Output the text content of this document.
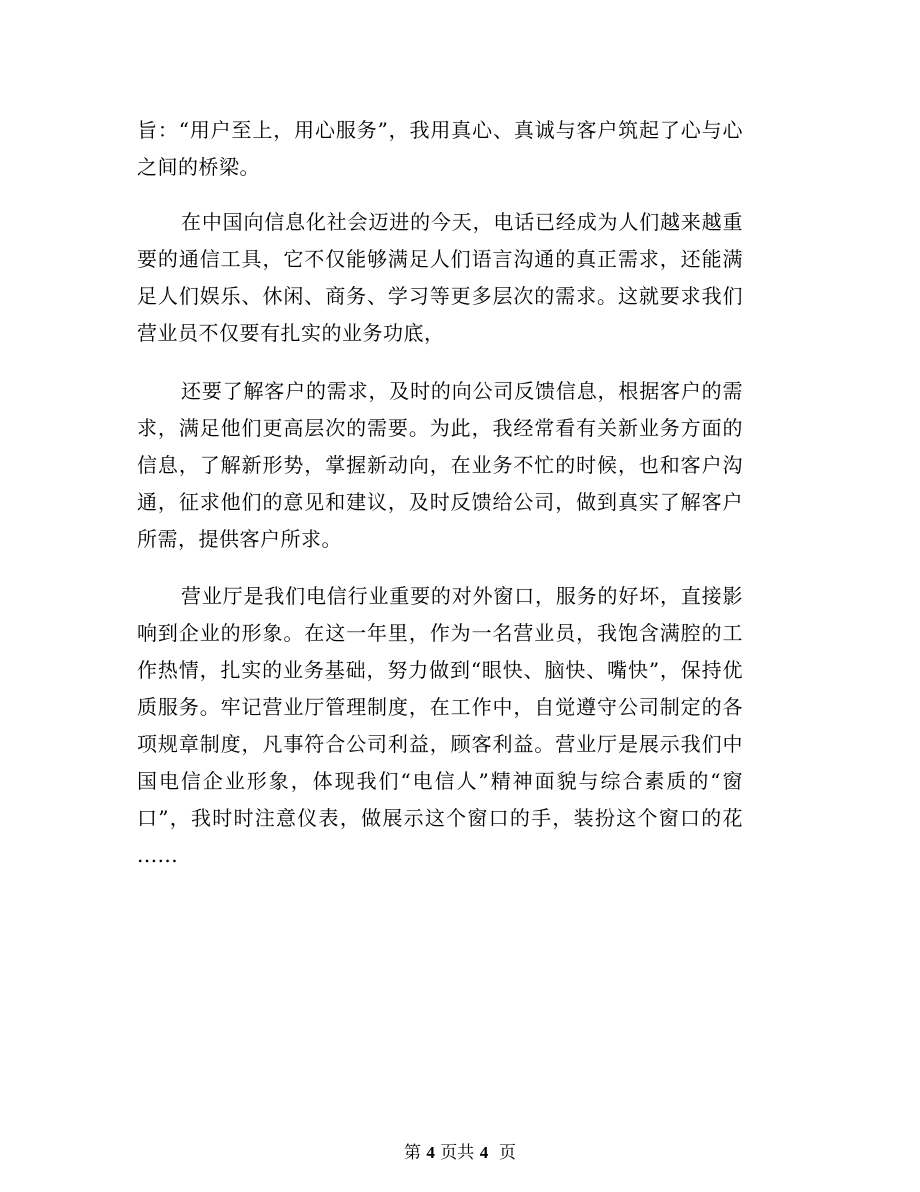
旨：“用户至上，用心服务”，我用真心、真诚与客户筑起了心与心之间的桥梁。

在中国向信息化社会迈进的今天，电话已经成为人们越来越重要的通信工具，它不仅能够满足人们语言沟通的真正需求，还能满足人们娱乐、休闲、商务、学习等更多层次的需求。这就要求我们营业员不仅要有扎实的业务功底，

还要了解客户的需求，及时的向公司反馈信息，根据客户的需求，满足他们更高层次的需要。为此，我经常看有关新业务方面的信息，了解新形势，掌握新动向，在业务不忙的时候，也和客户沟通，征求他们的意见和建议，及时反馈给公司，做到真实了解客户所需，提供客户所求。

营业厅是我们电信行业重要的对外窗口，服务的好坏，直接影响到企业的形象。在这一年里，作为一名营业员，我饱含满腔的工作热情，扎实的业务基础，努力做到“眼快、脑快、嘴快”，保持优质服务。牢记营业厅管理制度，在工作中，自觉遵守公司制定的各项规章制度，凡事符合公司利益，顾客利益。营业厅是展示我们中国电信企业形象，体现我们“电信人”精神面貌与综合素质的“窗口”，我时时注意仪表，做展示这个窗口的手，装扮这个窗口的花 ......

第 4 页共 4  页
